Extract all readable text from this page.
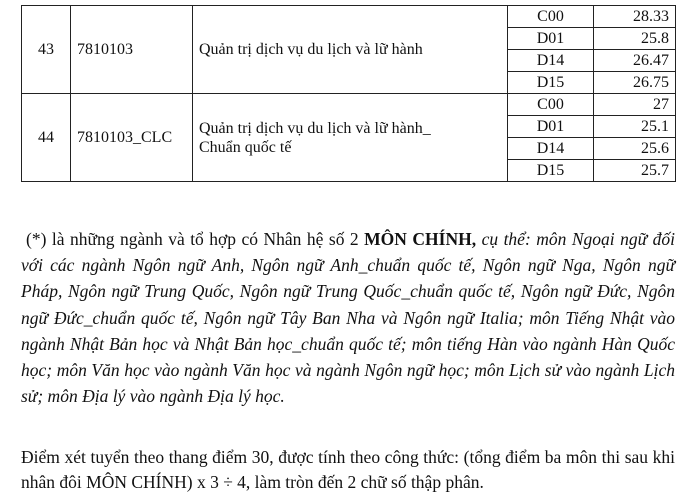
43	7810103	Quản trị dịch vụ du lịch và lữ hành	C00	28.33
			D01	25.8
			D14	26.47
			D15	26.75
44	7810103_CLC	Quản trị dịch vụ du lịch và lữ hành_
Chuẩn quốc tế	C00	27
			D01	25.1
			D14	25.6
			D15	25.7

(*) là những ngành và tổ hợp có Nhân hệ số 2 MÔN CHÍNH, cụ thể: môn Ngoại ngữ đối với các ngành Ngôn ngữ Anh, Ngôn ngữ Anh_chuẩn quốc tế, Ngôn ngữ Nga, Ngôn ngữ Pháp, Ngôn ngữ Trung Quốc, Ngôn ngữ Trung Quốc_chuẩn quốc tế, Ngôn ngữ Đức, Ngôn ngữ Đức_chuẩn quốc tế, Ngôn ngữ Tây Ban Nha và Ngôn ngữ Italia; môn Tiếng Nhật vào ngành Nhật Bản học và Nhật Bản học_chuẩn quốc tế; môn tiếng Hàn vào ngành Hàn Quốc học; môn Văn học vào ngành Văn học và ngành Ngôn ngữ học; môn Lịch sử vào ngành Lịch sử; môn Địa lý vào ngành Địa lý học.

Điểm xét tuyển theo thang điểm 30, được tính theo công thức: (tổng điểm ba môn thi sau khi nhân đôi MÔN CHÍNH) x 3 ÷ 4, làm tròn đến 2 chữ số thập phân.
